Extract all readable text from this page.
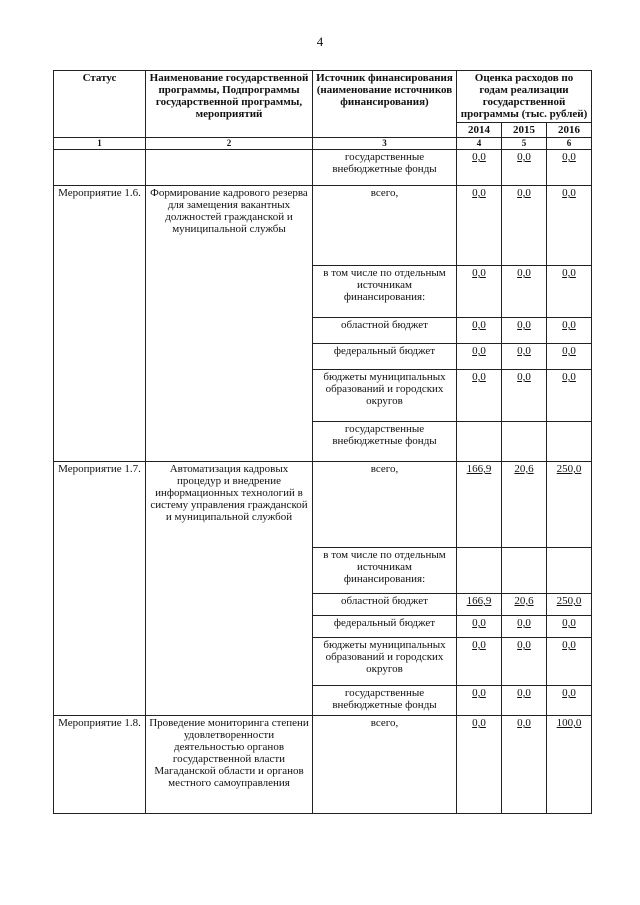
4
Статус	Наименование государственной программы, Подпрограммы государственной программы, мероприятий	Источник финансирования (наименование источников финансирования)	Оценка расходов по годам реализации государственной программы (тыс. рублей)		
			2014	2015	2016
1	2	3	4	5	6
		государственные внебюджетные фонды	0,0	0,0	0,0
Мероприятие 1.6.	Формирование кадрового резерва для замещения вакантных должностей гражданской и муниципальной службы	всего,	0,0	0,0	0,0
		в том числе по отдельным источникам финансирования:	0,0	0,0	0,0
		областной бюджет	0,0	0,0	0,0
		федеральный бюджет	0,0	0,0	0,0
		бюджеты муниципальных образований и городских округов	0,0	0,0	0,0
		государственные внебюджетные фонды			
Мероприятие 1.7.	Автоматизация кадровых процедур и внедрение информационных технологий в систему управления гражданской и муниципальной службой	всего,	166,9	20,6	250,0
		в том числе по отдельным источникам финансирования:			
		областной бюджет	166,9	20,6	250,0
		федеральный бюджет	0,0	0,0	0,0
		бюджеты муниципальных образований и городских округов	0,0	0,0	0,0
		государственные внебюджетные фонды	0,0	0,0	0,0
Мероприятие 1.8.	Проведение мониторинга степени удовлетворенности деятельностью органов государственной власти Магаданской области и органов местного самоуправления	всего,	0,0	0,0	100,0
